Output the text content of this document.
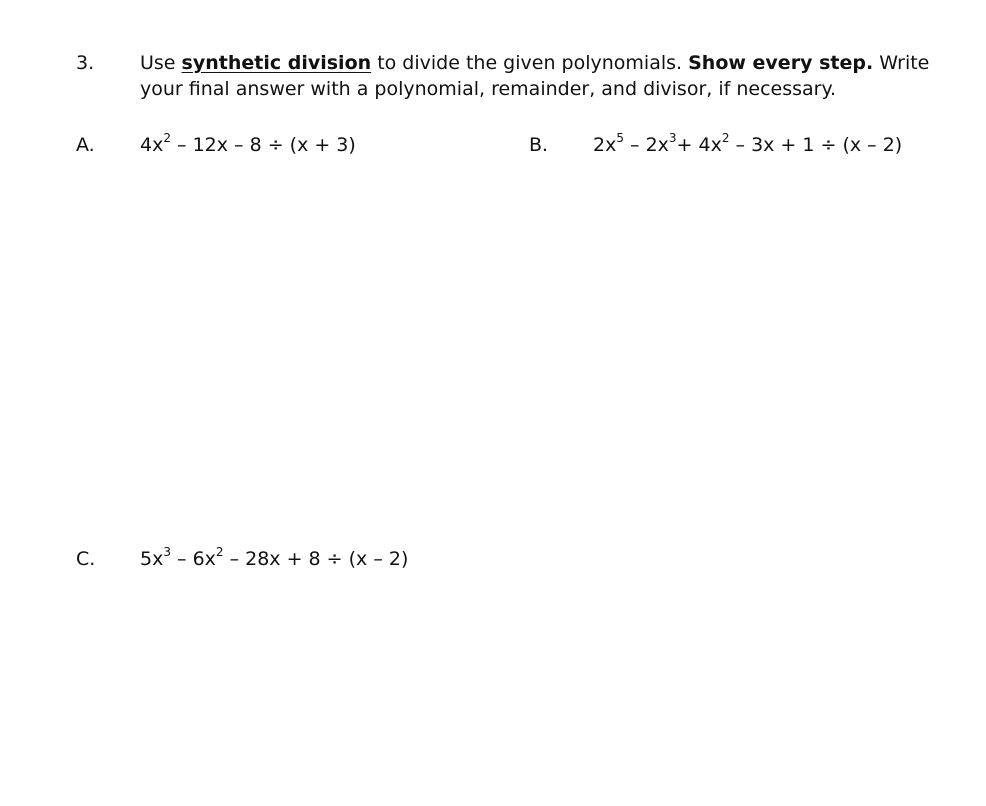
3. Use synthetic division to divide the given polynomials. Show every step. Write your final answer with a polynomial, remainder, and divisor, if necessary.
A. $4x^2 - 12x - 8 \div (x + 3)$	B. $2x^5 - 2x^3+ 4x^2 - 3x + 1 \div (x - 2)$
C. $5x^3 - 6x^2 - 28x + 8 \div (x - 2)$
